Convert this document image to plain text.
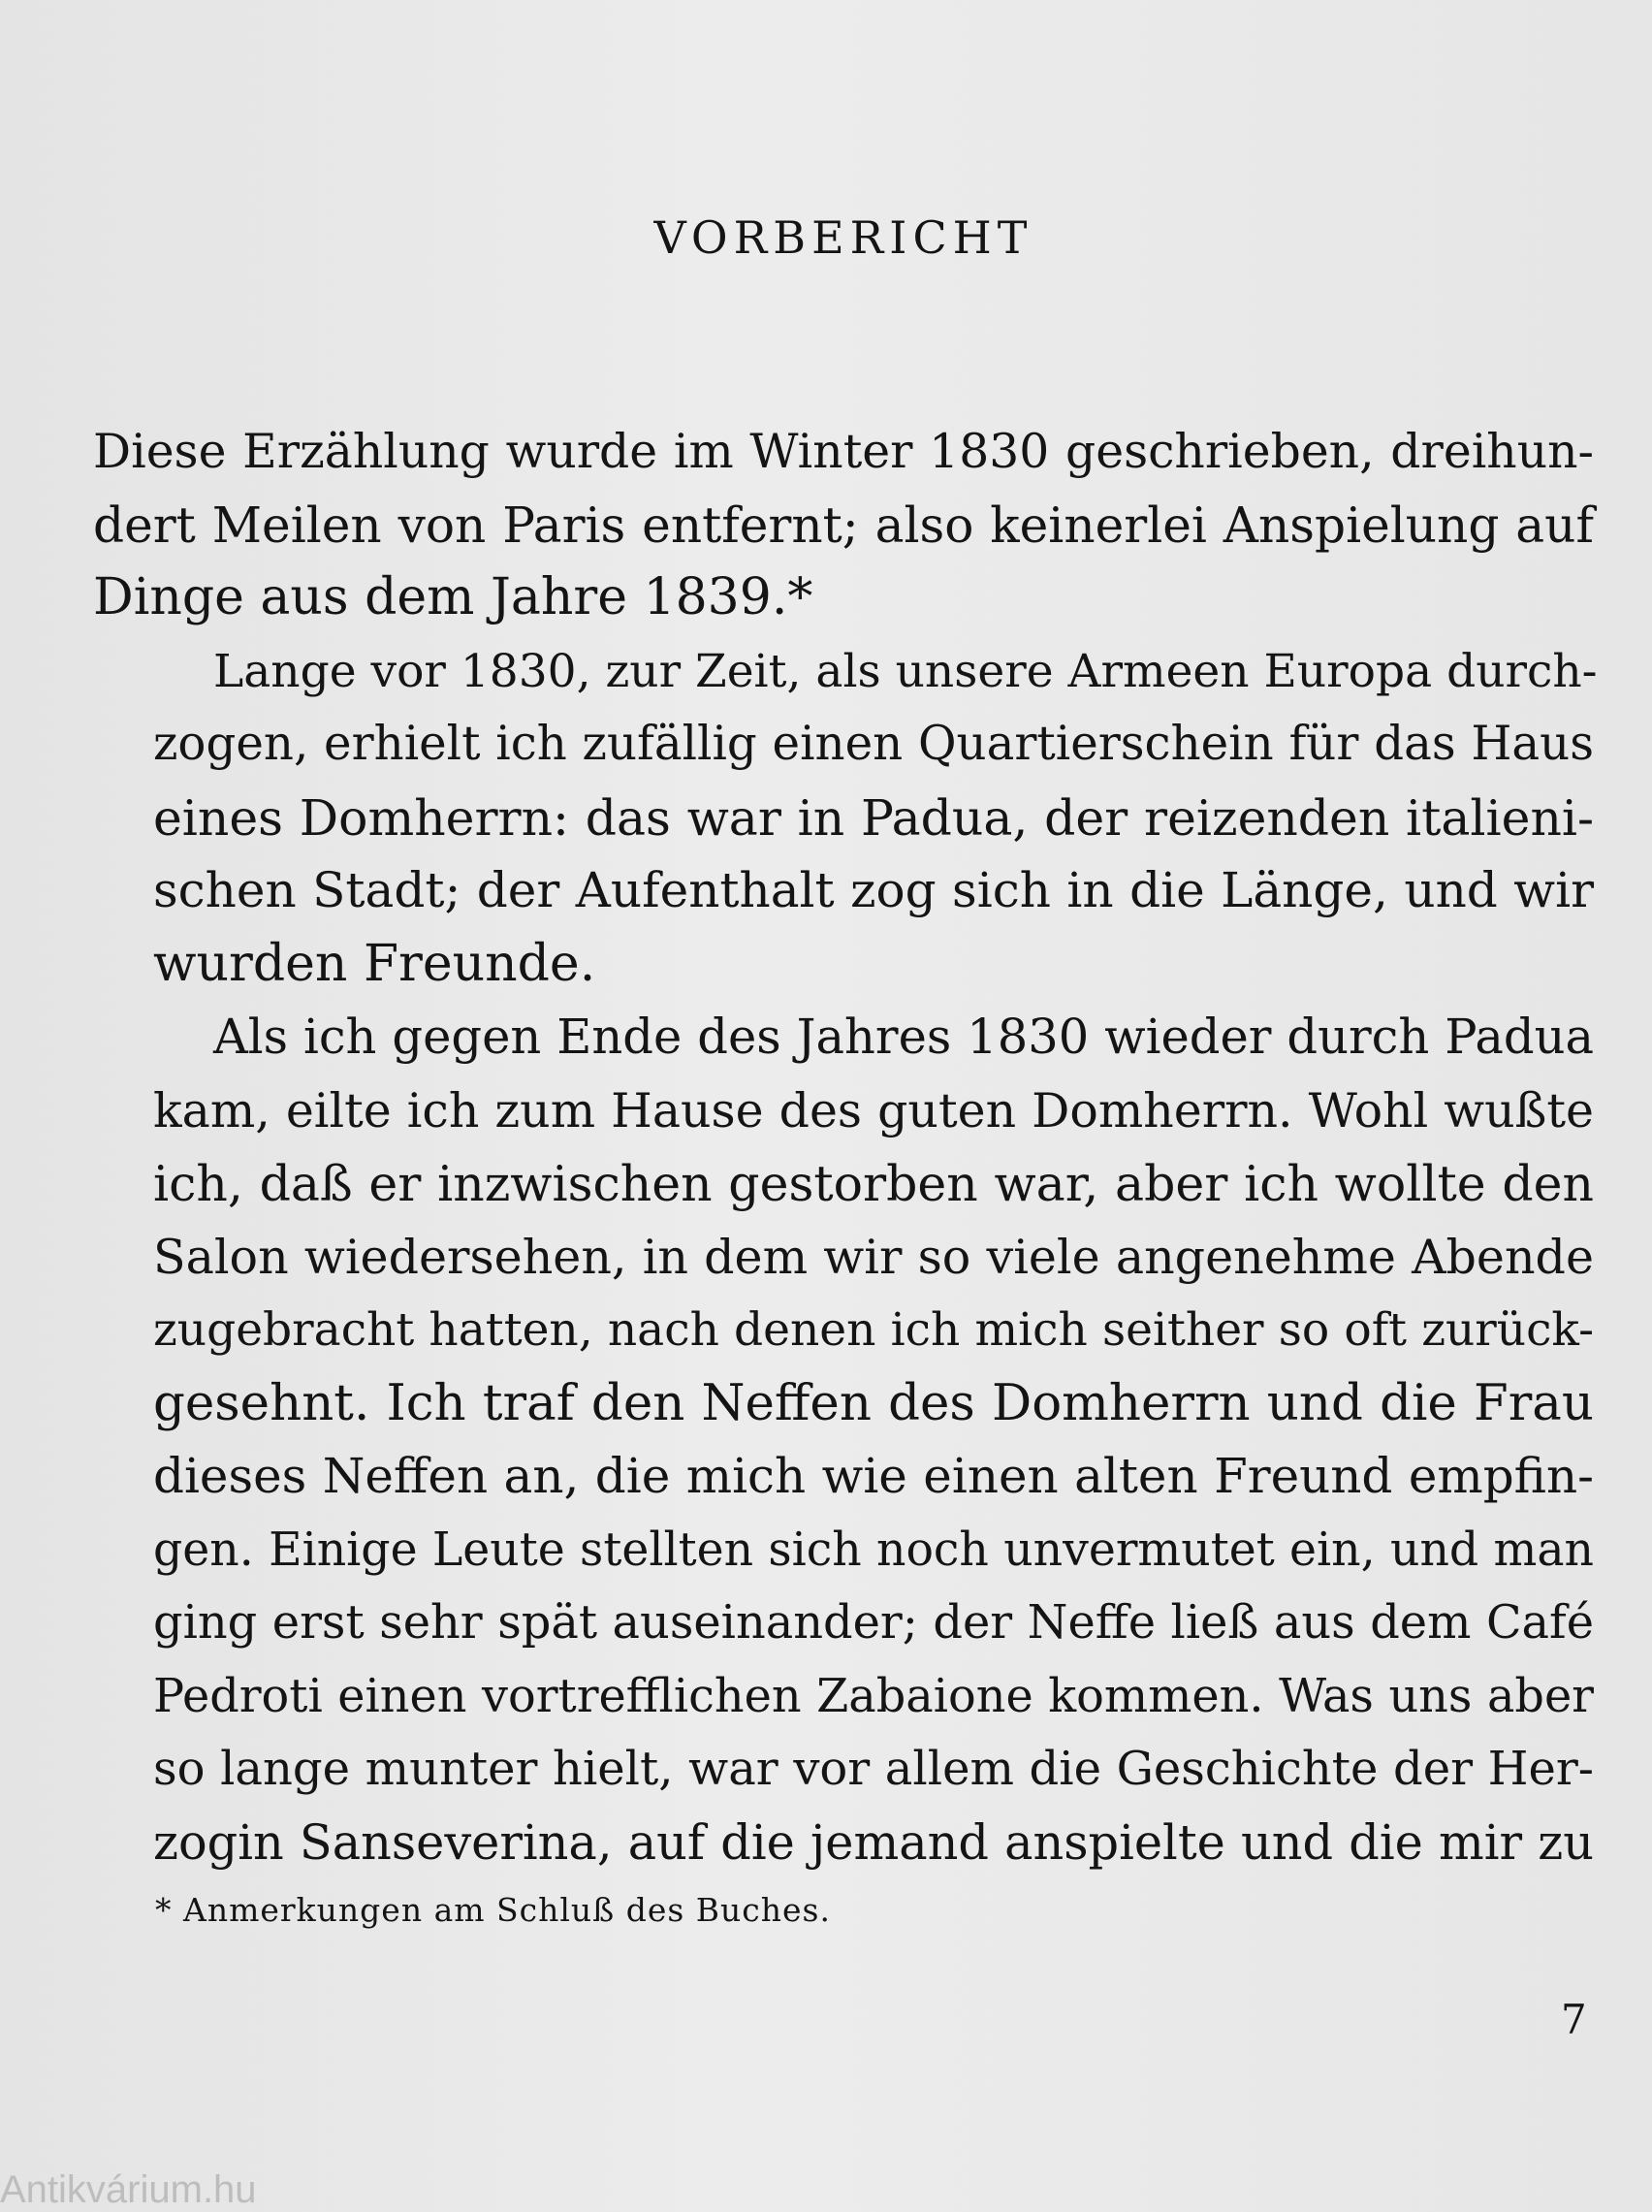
VORBERICHT

Diese Erzählung wurde im Winter 1830 geschrieben, dreihun-
dert Meilen von Paris entfernt; also keinerlei Anspielung auf
Dinge aus dem Jahre 1839.*

Lange vor 1830, zur Zeit, als unsere Armeen Europa durch-
zogen, erhielt ich zufällig einen Quartierschein für das Haus
eines Domherrn: das war in Padua, der reizenden italieni-
schen Stadt; der Aufenthalt zog sich in die Länge, und wir
wurden Freunde.

Als ich gegen Ende des Jahres 1830 wieder durch Padua
kam, eilte ich zum Hause des guten Domherrn. Wohl wußte
ich, daß er inzwischen gestorben war, aber ich wollte den
Salon wiedersehen, in dem wir so viele angenehme Abende
zugebracht hatten, nach denen ich mich seither so oft zurück-
gesehnt. Ich traf den Neffen des Domherrn und die Frau
dieses Neffen an, die mich wie einen alten Freund empfin-
gen. Einige Leute stellten sich noch unvermutet ein, und man
ging erst sehr spät auseinander; der Neffe ließ aus dem Café
Pedroti einen vortrefflichen Zabaione kommen. Was uns aber
so lange munter hielt, war vor allem die Geschichte der Her-
zogin Sanseverina, auf die jemand anspielte und die mir zu

* Anmerkungen am Schluß des Buches.

7

Antikvárium.hu
